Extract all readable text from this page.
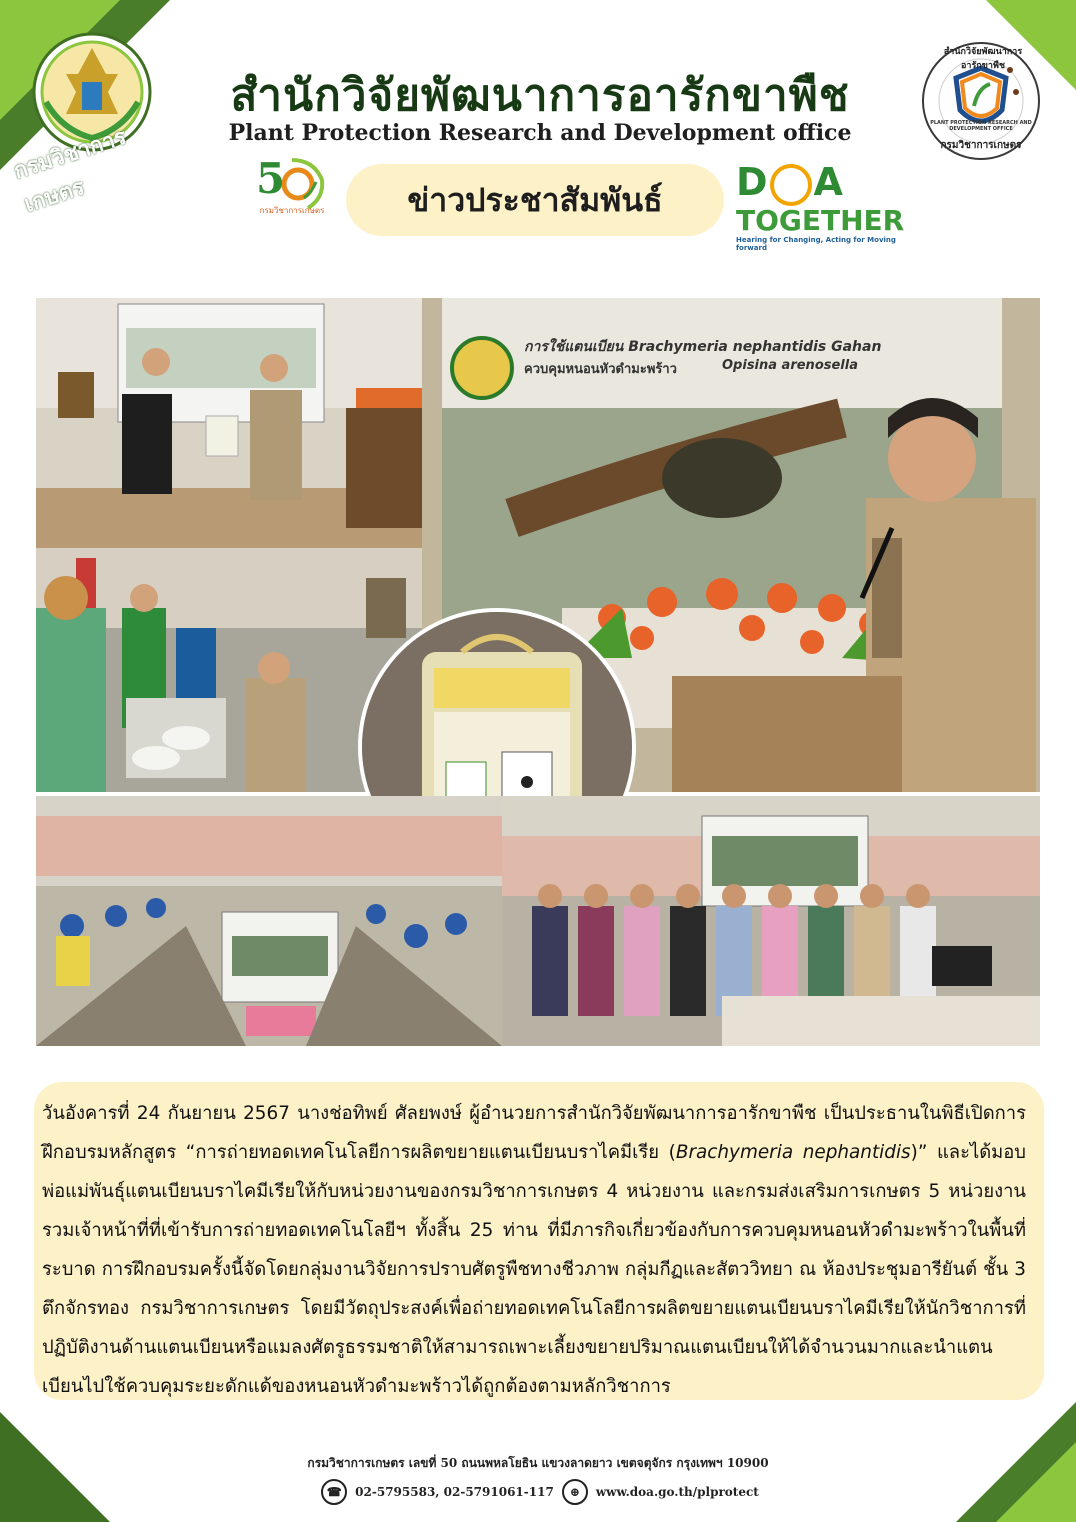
กรมวิชาการเกษตร
สำนักวิจัยพัฒนาการอารักขาพืช
Plant Protection Research and Development office
สำนักวิจัยพัฒนาการอารักขาพืช
PLANT PROTECTION RESEARCH AND DEVELOPMENT OFFICE
กรมวิชาการเกษตร
5
กรมวิชาการเกษตร	ข่าวประชาสัมพันธ์	D A
TOGETHER
Hearing for Changing, Acting for Moving forward
การใช้แตนเบียน Brachymeria nephantidis Gahan
ควบคุมหนอนหัวดำมะพร้าว	Opisina arenosella

วันอังคารที่ 24 กันยายน 2567 นางช่อทิพย์ ศัลยพงษ์ ผู้อำนวยการสำนักวิจัยพัฒนาการอารักขาพืช เป็นประธานในพิธีเปิดการฝึกอบรมหลักสูตร “การถ่ายทอดเทคโนโลยีการผลิตขยายแตนเบียนบราไคมีเรีย (Brachymeria nephantidis)” และได้มอบพ่อแม่พันธุ์แตนเบียนบราไคมีเรียให้กับหน่วยงานของกรมวิชาการเกษตร 4 หน่วยงาน และกรมส่งเสริมการเกษตร 5 หน่วยงาน รวมเจ้าหน้าที่ที่เข้ารับการถ่ายทอดเทคโนโลยีฯ ทั้งสิ้น 25 ท่าน ที่มีภารกิจเกี่ยวข้องกับการควบคุมหนอนหัวดำมะพร้าวในพื้นที่ระบาด การฝึกอบรมครั้งนี้จัดโดยกลุ่มงานวิจัยการปราบศัตรูพืชทางชีวภาพ กลุ่มกีฏและสัตววิทยา ณ ห้องประชุมอารียันต์ ชั้น 3 ตึกจักรทอง กรมวิชาการเกษตร โดยมีวัตถุประสงค์เพื่อถ่ายทอดเทคโนโลยีการผลิตขยายแตนเบียนบราไคมีเรียให้นักวิชาการที่ปฏิบัติงานด้านแตนเบียนหรือแมลงศัตรูธรรมชาติให้สามารถเพาะเลี้ยงขยายปริมาณแตนเบียนให้ได้จำนวนมากและนำแตนเบียนไปใช้ควบคุมระยะดักแด้ของหนอนหัวดำมะพร้าวได้ถูกต้องตามหลักวิชาการ

กรมวิชาการเกษตร เลขที่ 50 ถนนพหลโยธิน แขวงลาดยาว เขตจตุจักร กรุงเทพฯ 10900
☎	02-5795583, 02-5791061-117	⊕	www.doa.go.th/plprotect
